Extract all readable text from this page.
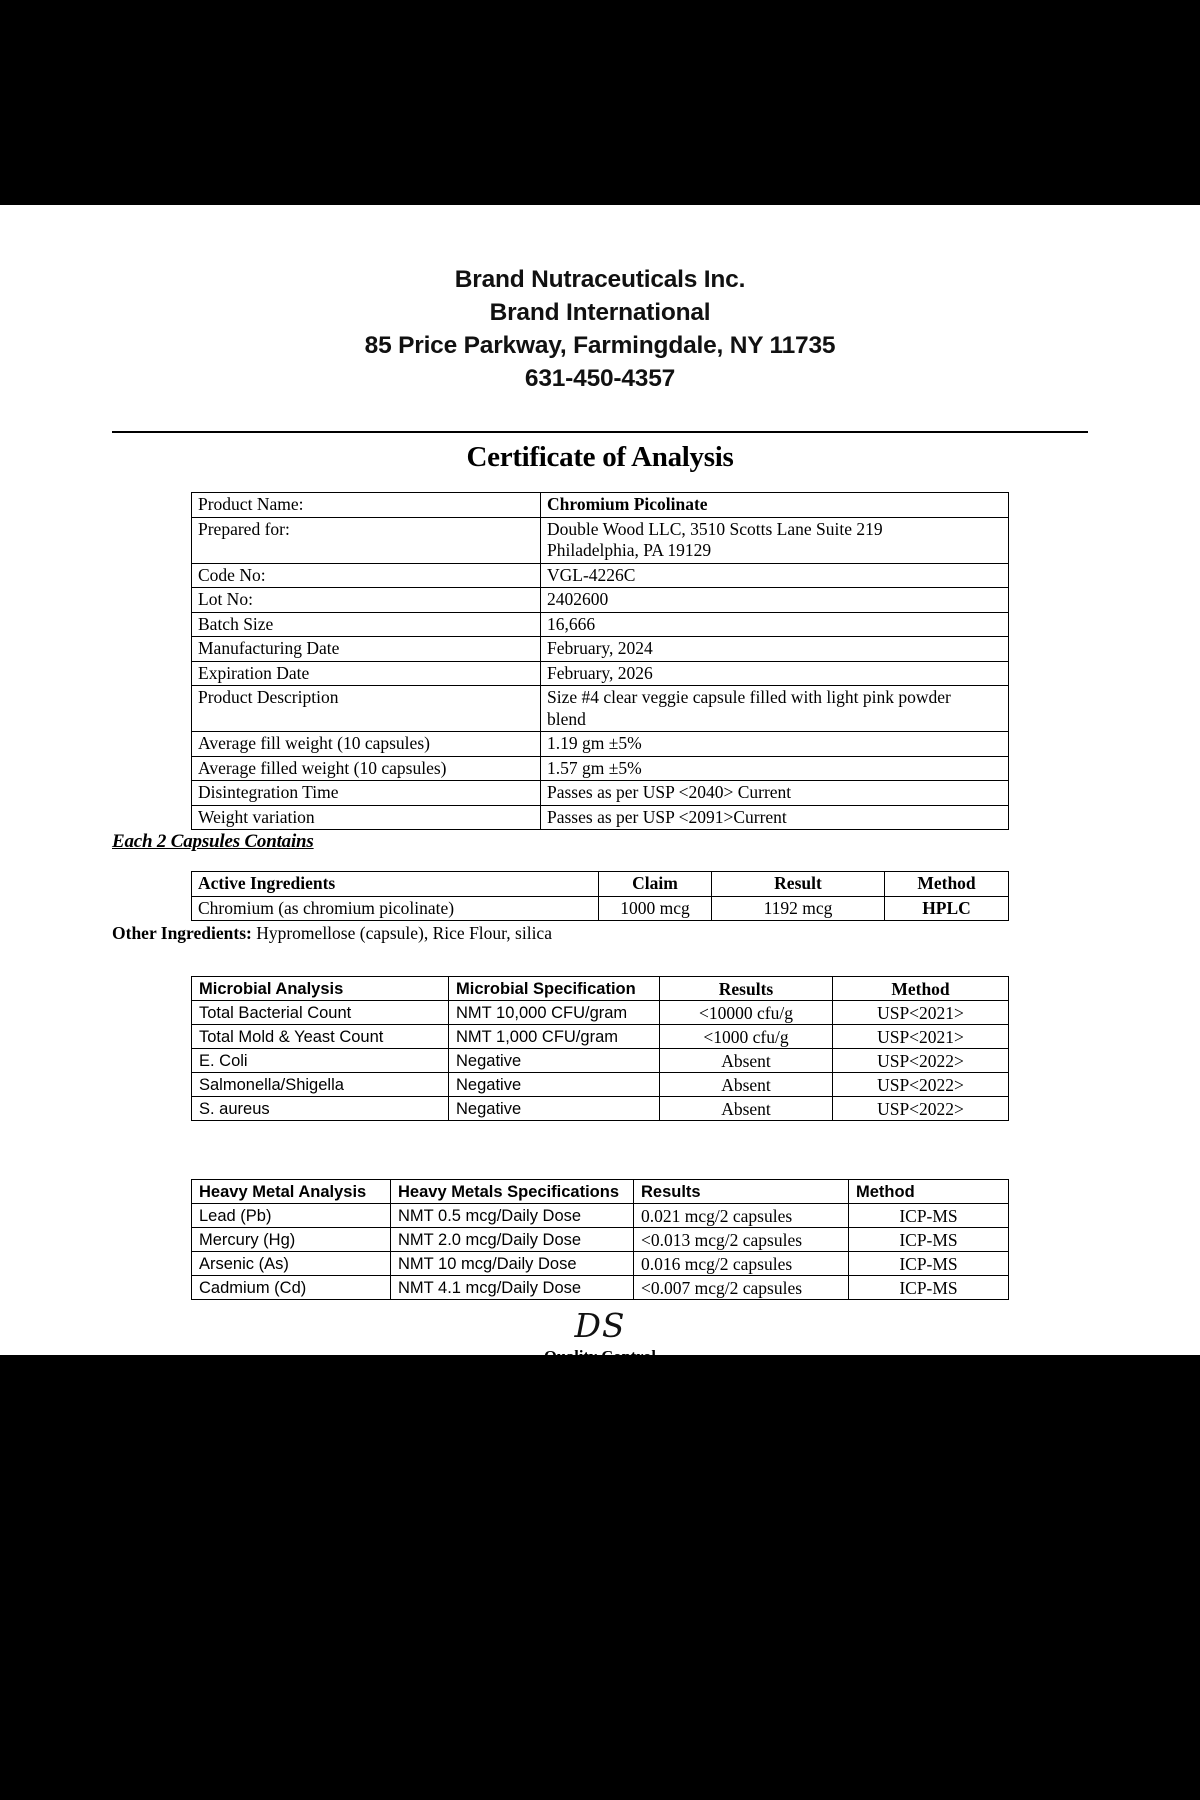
Brand Nutraceuticals Inc.
Brand International
85 Price Parkway, Farmingdale, NY 11735
631-450-4357
Certificate of Analysis
Product Name:	Chromium Picolinate

Prepared for:	Double Wood LLC, 3510 Scotts Lane Suite 219
Philadelphia, PA 19129

Code No:	VGL-4226C

Lot No:	2402600

Batch Size	16,666

Manufacturing Date	February, 2024

Expiration Date	February, 2026

Product Description	Size #4 clear veggie capsule filled with light pink powder
blend

Average fill weight (10 capsules)	1.19 gm ±5%

Average filled weight (10 capsules)	1.57 gm ±5%

Disintegration Time	Passes as per USP <2040> Current

Weight variation	Passes as per USP <2091>Current
Each 2 Capsules Contains
Active Ingredients	Claim	Result	Method
Chromium (as chromium picolinate)	1000 mcg	1192 mcg	HPLC
Other Ingredients: Hypromellose (capsule), Rice Flour, silica
Microbial Analysis	Microbial Specification	Results	Method
Total Bacterial Count	NMT 10,000 CFU/gram	<10000 cfu/g	USP<2021>
Total Mold & Yeast Count	NMT 1,000 CFU/gram	<1000 cfu/g	USP<2021>
E. Coli	Negative	Absent	USP<2022>
Salmonella/Shigella	Negative	Absent	USP<2022>
S. aureus	Negative	Absent	USP<2022>
Heavy Metal Analysis	Heavy Metals Specifications	Results	Method
Lead (Pb)	NMT 0.5 mcg/Daily Dose	0.021 mcg/2 capsules	ICP-MS
Mercury (Hg)	NMT 2.0 mcg/Daily Dose	<0.013 mcg/2 capsules	ICP-MS
Arsenic (As)	NMT 10 mcg/Daily Dose	0.016 mcg/2 capsules	ICP-MS
Cadmium (Cd)	NMT 4.1 mcg/Daily Dose	<0.007 mcg/2 capsules	ICP-MS
DS
Quality Control
4/5/2024
